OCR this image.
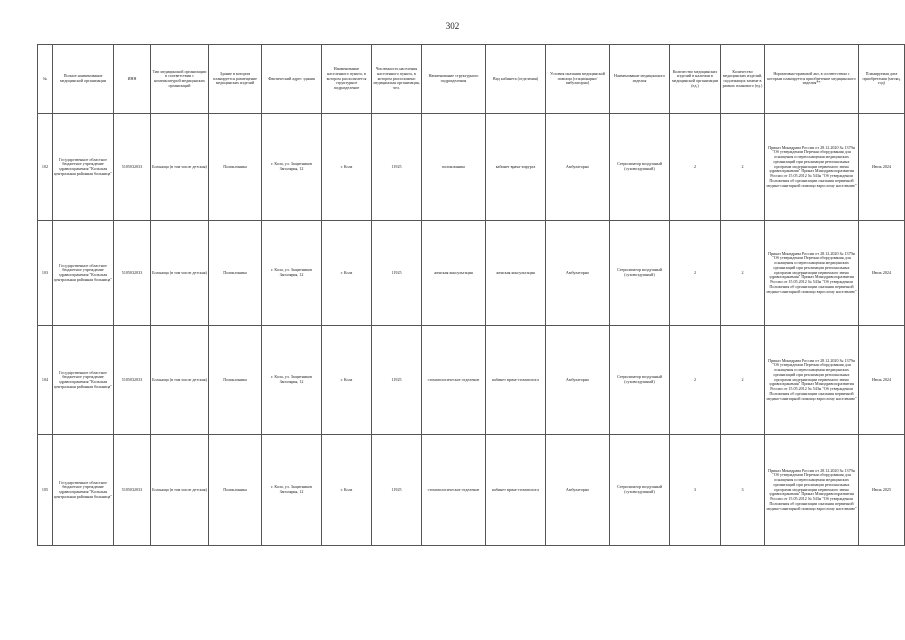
302
№	Полное наименование медицинской организации	ИНН	Тип медицинской организации в соответствии с номенклатурой медицинских организаций	Здание в котором планируется размещение медицинских изделий	Фактический адрес здания	Наименование населенного пункта, в котором располагается структурное подразделение	Численность населения населенного пункта, в котором расположено медицинская организация, чел.	Наименование структурного подразделения	Вид кабинета (отделения)	Условия оказания медицинской помощи (стационарно/амбулаторно)	Наименование медицинского изделия	Количество медицинских изделий в наличии в медицинской организации (ед.)	Количество медицинских изделий, подлежащих замене в рамках планового (ед.)	Нормативно-правовой акт, в соответствии с которым планируется приобретение медицинского изделия**	Планируемая дата приобретения (месяц, год)
102	Государственное областное бюджетное учреждение здравоохранения "Кольская центральная районная больница"	5105032033	Больница (в том числе детская)	Поликлиника	г. Кола, ул. Защитников Заполярья, 12	г. Кола	11925	поликлиника	кабинет врача-хирурга	Амбулаторно	Стерилизатор воздушный (суховоздушный)	2	2	Приказ Минздрава России от 28.12.2020 № 1379н "Об утверждении Перечня оборудования для оснащения и переоснащения медицинских организаций при реализации региональных программ модернизации первичного звена здравоохранения" Приказ Минздравсоцразвития России от 15.05.2012 № 543н "Об утверждении Положения об организации оказания первичной медико-санитарной помощи взрослому населению"	Июль 2024
103	Государственное областное бюджетное учреждение здравоохранения "Кольская центральная районная больница"	5105032033	Больница (в том числе детская)	Поликлиника	г. Кола, ул. Защитников Заполярья, 12	г. Кола	11925	женская консультация	женская консультация	Амбулаторно	Стерилизатор воздушный (суховоздушный)	2	2	Приказ Минздрава России от 28.12.2020 № 1379н "Об утверждении Перечня оборудования для оснащения и переоснащения медицинских организаций при реализации региональных программ модернизации первичного звена здравоохранения" Приказ Минздравсоцразвития России от 15.05.2012 № 543н "Об утверждении Положения об организации оказания первичной медико-санитарной помощи взрослому населению"	Июль 2024
104	Государственное областное бюджетное учреждение здравоохранения "Кольская центральная районная больница"	5105032033	Больница (в том числе детская)	Поликлиника	г. Кола, ул. Защитников Заполярья, 12	г. Кола	11925	стоматологическое отделение	кабинет врача-стоматолога	Амбулаторно	Стерилизатор воздушный (суховоздушный)	2	2	Приказ Минздрава России от 28.12.2020 № 1379н "Об утверждении Перечня оборудования для оснащения и переоснащения медицинских организаций при реализации региональных программ модернизации первичного звена здравоохранения" Приказ Минздравсоцразвития России от 15.05.2012 № 543н "Об утверждении Положения об организации оказания первичной медико-санитарной помощи взрослому населению"	Июль 2024
105	Государственное областное бюджетное учреждение здравоохранения "Кольская центральная районная больница"	5105032033	Больница (в том числе детская)	Поликлиника	г. Кола, ул. Защитников Заполярья, 12	г. Кола	11925	стоматологическое отделение	кабинет врача-стоматолога	Амбулаторно	Стерилизатор воздушный (суховоздушный)	3	3	Приказ Минздрава России от 28.12.2020 № 1379н "Об утверждении Перечня оборудования для оснащения и переоснащения медицинских организаций при реализации региональных программ модернизации первичного звена здравоохранения" Приказ Минздравсоцразвития России от 15.05.2012 № 543н "Об утверждении Положения об организации оказания первичной медико-санитарной помощи взрослому населению"	Июль 2025
